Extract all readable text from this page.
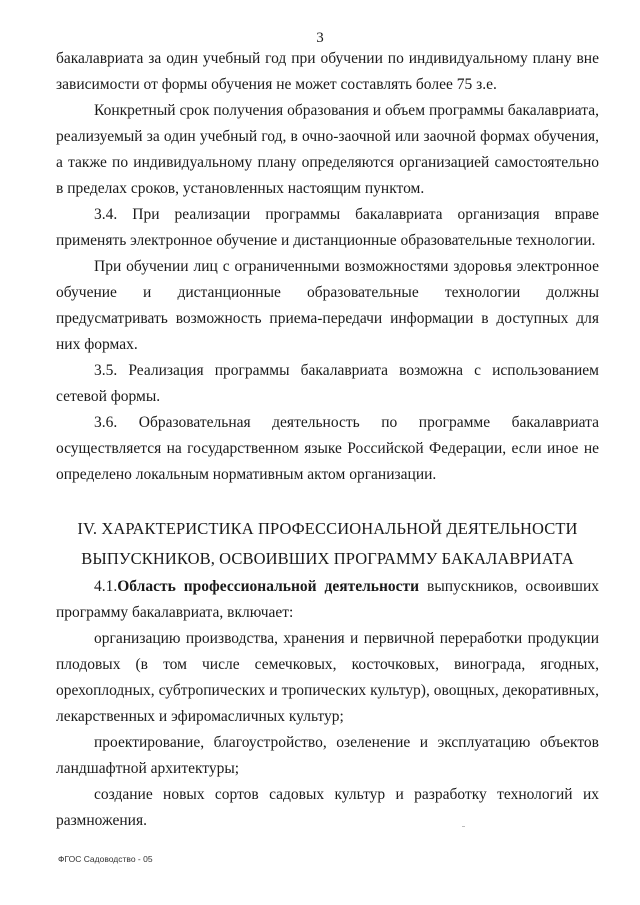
3

бакалавриата за один учебный год при обучении по индивидуальному плану вне зависимости от формы обучения не может составлять более 75 з.е.

Конкретный срок получения образования и объем программы бакалавриата, реализуемый за один учебный год, в очно-заочной или заочной формах обучения, а также по индивидуальному плану определяются организацией самостоятельно в пределах сроков, установленных настоящим пунктом.

3.4. При реализации программы бакалавриата организация вправе применять электронное обучение и дистанционные образовательные технологии.

При обучении лиц с ограниченными возможностями здоровья электронное обучение и дистанционные образовательные технологии должны предусматривать возможность приема-передачи информации в доступных для них формах.

3.5. Реализация программы бакалавриата возможна с использованием сетевой формы.

3.6. Образовательная деятельность по программе бакалавриата осуществляется на государственном языке Российской Федерации, если иное не определено локальным нормативным актом организации.

IV. ХАРАКТЕРИСТИКА ПРОФЕССИОНАЛЬНОЙ ДЕЯТЕЛЬНОСТИ
ВЫПУСКНИКОВ, ОСВОИВШИХ ПРОГРАММУ БАКАЛАВРИАТА

4.1.Область профессиональной деятельности выпускников, освоивших программу бакалавриата, включает:

организацию производства, хранения и первичной переработки продукции плодовых (в том числе семечковых, косточковых, винограда, ягодных, орехоплодных, субтропических и тропических культур), овощных, декоративных, лекарственных и эфиромасличных культур;

проектирование, благоустройство, озеленение и эксплуатацию объектов ландшафтной архитектуры;

создание новых сортов садовых культур и разработку технологий их размножения.

ФГОС Садоводство - 05
